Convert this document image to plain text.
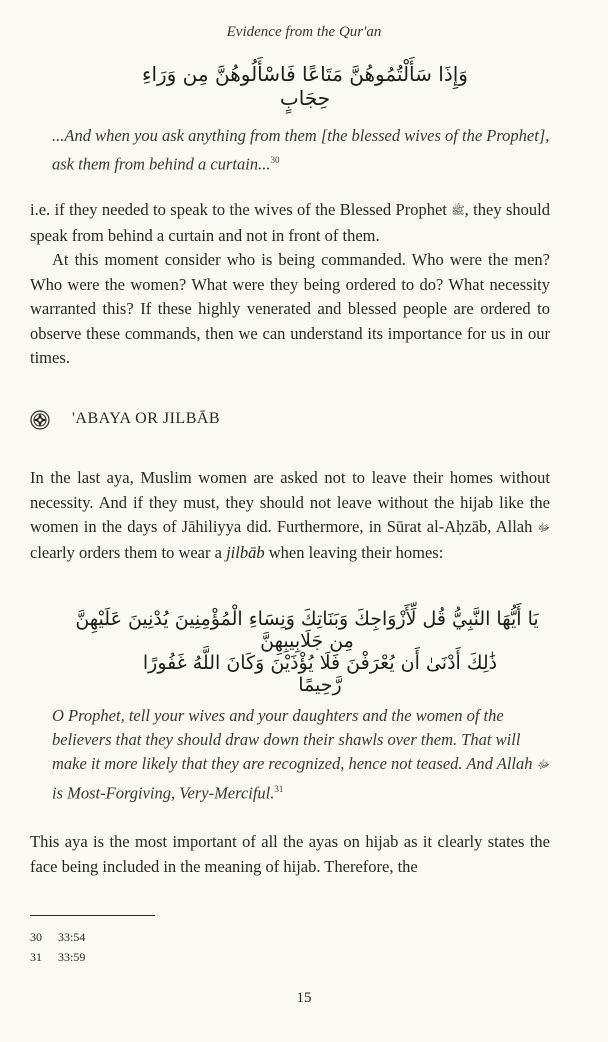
Evidence from the Qur'an
وَإِذَا سَأَلْتُمُوهُنَّ مَتَاعًا فَاسْأَلُوهُنَّ مِن وَرَاءِ حِجَابٍ
...And when you ask anything from them [the blessed wives of the Prophet], ask them from behind a curtain...$^{30}$

i.e. if they needed to speak to the wives of the Blessed Prophet ﷺ, they should speak from behind a curtain and not in front of them.

At this moment consider who is being commanded. Who were the men? Who were the women? What were they being ordered to do? What necessity warranted this? If these highly venerated and blessed people are ordered to observe these commands, then we can understand its importance for us in our times.

'ABAYA OR JILBĀB

In the last aya, Muslim women are asked not to leave their homes without necessity. And if they must, they should not leave without the hijab like the women in the days of Jāhiliyya did. Furthermore, in Sūrat al-Aḥzāb, Allah ﷻ clearly orders them to wear a jilbāb when leaving their homes:

يَا أَيُّهَا النَّبِيُّ قُل لِّأَزْوَاجِكَ وَبَنَاتِكَ وَنِسَاءِ الْمُؤْمِنِينَ يُدْنِينَ عَلَيْهِنَّ مِن جَلَابِيبِهِنَّ
ذَٰلِكَ أَدْنَىٰ أَن يُعْرَفْنَ فَلَا يُؤْذَيْنَ وَكَانَ اللَّهُ غَفُورًا رَّحِيمًا
O Prophet, tell your wives and your daughters and the women of the believers that they should draw down their shawls over them. That will make it more likely that they are recognized, hence not teased. And Allah ﷻ is Most-Forgiving, Very-Merciful.$^{31}$
This aya is the most important of all the ayas on hijab as it clearly states the face being included in the meaning of hijab. Therefore, the
30 33:54
31 33:59
15
